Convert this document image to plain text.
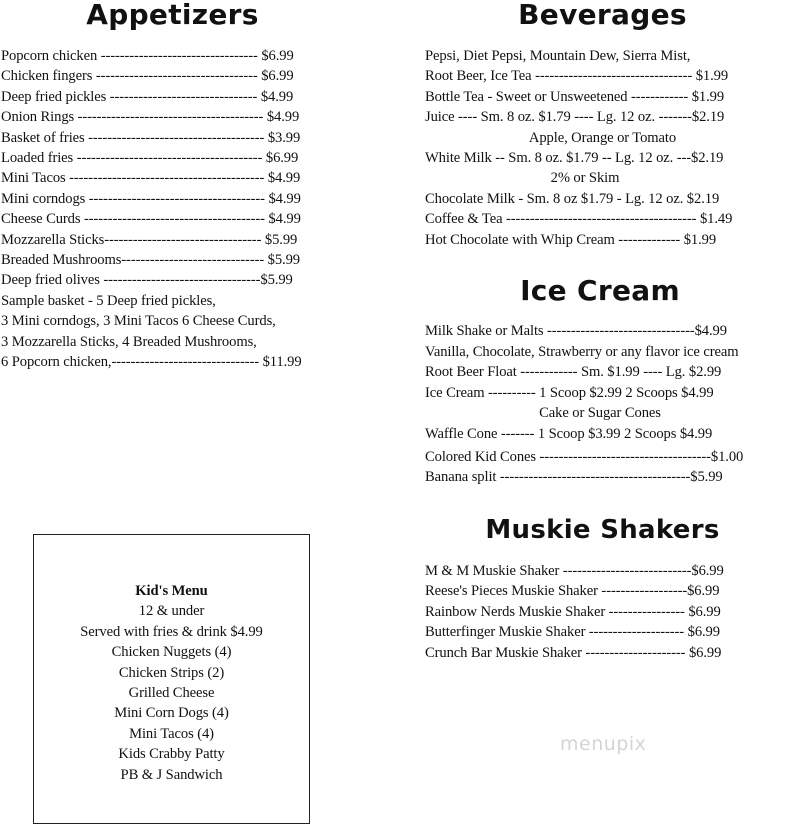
Appetizers
Popcorn chicken --------------------------------- $6.99
Chicken fingers ---------------------------------- $6.99
Deep fried pickles ------------------------------- $4.99
Onion Rings --------------------------------------- $4.99
Basket of fries ------------------------------------- $3.99
Loaded fries --------------------------------------- $6.99
Mini Tacos ----------------------------------------- $4.99
Mini corndogs ------------------------------------- $4.99
Cheese Curds -------------------------------------- $4.99
Mozzarella Sticks--------------------------------- $5.99
Breaded Mushrooms------------------------------ $5.99
Deep fried olives ---------------------------------$5.99
Sample basket - 5 Deep fried pickles,
3 Mini corndogs, 3 Mini Tacos 6 Cheese Curds,
3 Mozzarella Sticks, 4 Breaded Mushrooms,
6 Popcorn chicken,------------------------------- $11.99
Beverages
Pepsi, Diet Pepsi, Mountain Dew, Sierra Mist,
Root Beer, Ice Tea --------------------------------- $1.99
Bottle Tea - Sweet or Unsweetened ------------ $1.99
Juice ---- Sm. 8 oz. $1.79 ---- Lg. 12 oz. -------$2.19
Apple, Orange or Tomato
White Milk -- Sm. 8 oz. $1.79 -- Lg. 12 oz. ---$2.19
2% or Skim
Chocolate Milk - Sm. 8 oz $1.79 - Lg. 12 oz. $2.19
Coffee & Tea ---------------------------------------- $1.49
Hot Chocolate with Whip Cream ------------- $1.99
Ice Cream
Milk Shake or Malts -------------------------------$4.99
Vanilla, Chocolate, Strawberry or any flavor ice cream
Root Beer Float ------------ Sm. $1.99 ---- Lg. $2.99
Ice Cream ---------- 1 Scoop $2.99 2 Scoops $4.99
Cake or Sugar Cones
Waffle Cone ------- 1 Scoop $3.99 2 Scoops $4.99
Colored Kid Cones ------------------------------------$1.00
Banana split ----------------------------------------$5.99
Muskie Shakers
M & M Muskie Shaker ---------------------------$6.99
Reese's Pieces Muskie Shaker ------------------$6.99
Rainbow Nerds Muskie Shaker ---------------- $6.99
Butterfinger Muskie Shaker -------------------- $6.99
Crunch Bar Muskie Shaker --------------------- $6.99
Kid's Menu
12 & under
Served with fries & drink $4.99
Chicken Nuggets (4)
Chicken Strips (2)
Grilled Cheese
Mini Corn Dogs (4)
Mini Tacos (4)
Kids Crabby Patty
PB & J Sandwich
menupix
